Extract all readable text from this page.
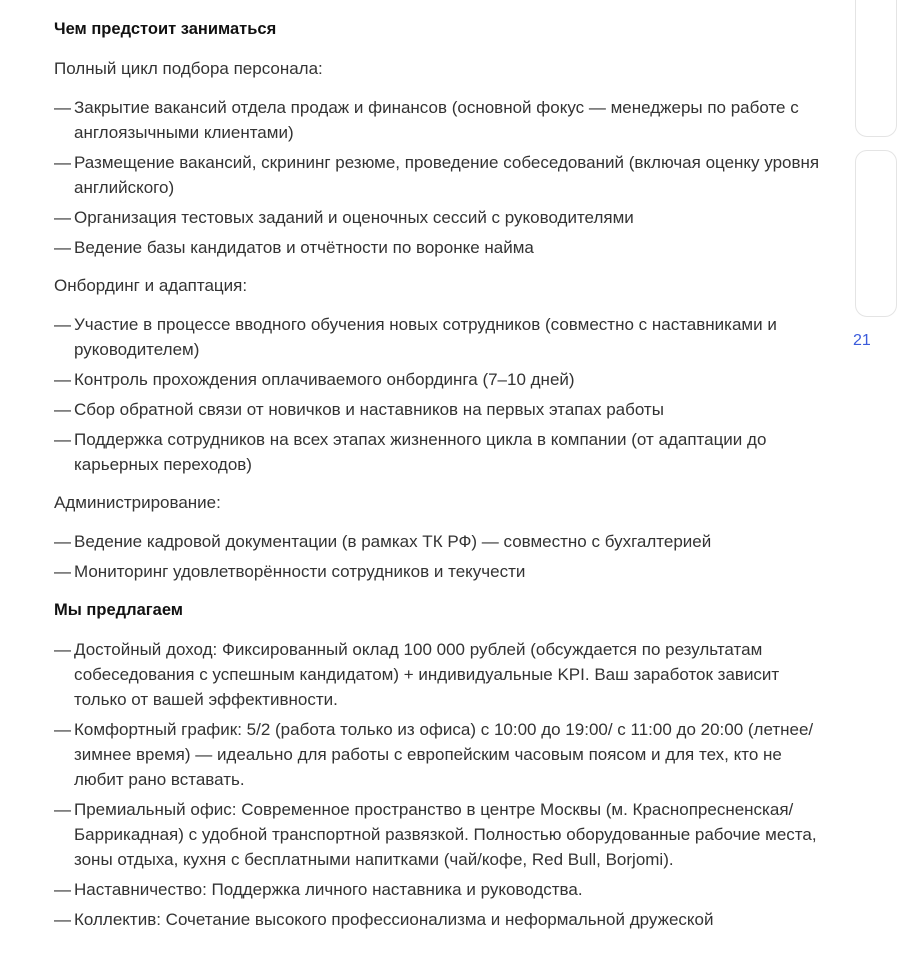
Чем предстоит заниматься

Полный цикл подбора персонала:

— Закрытие вакансий отдела продаж и финансов (основной фокус — менеджеры по работе с англоязычными клиентами)
— Размещение вакансий, скрининг резюме, проведение собеседований (включая оценку уровня английского)
— Организация тестовых заданий и оценочных сессий с руководителями
— Ведение базы кандидатов и отчётности по воронке найма

Онбординг и адаптация:

— Участие в процессе вводного обучения новых сотрудников (совместно с наставниками и руководителем)
— Контроль прохождения оплачиваемого онбординга (7–10 дней)
— Сбор обратной связи от новичков и наставников на первых этапах работы
— Поддержка сотрудников на всех этапах жизненного цикла в компании (от адаптации до карьерных переходов)

Администрирование:

— Ведение кадровой документации (в рамках ТК РФ) — совместно с бухгалтерией
— Мониторинг удовлетворённости сотрудников и текучести
Мы предлагаем
— Достойный доход: Фиксированный оклад 100 000 рублей (обсуждается по результатам собеседования с успешным кандидатом) + индивидуальные KPI. Ваш заработок зависит только от вашей эффективности.
— Комфортный график: 5/2 (работа только из офиса) с 10:00 до 19:00/ с 11:00 до 20:00 (летнее/зимнее время) — идеально для работы с европейским часовым поясом и для тех, кто не любит рано вставать.
— Премиальный офис: Современное пространство в центре Москвы (м. Краснопресненская/Баррикадная) с удобной транспортной развязкой. Полностью оборудованные рабочие места, зоны отдыха, кухня с бесплатными напитками (чай/кофе, Red Bull, Borjomi).
— Наставничество: Поддержка личного наставника и руководства.
— Коллектив: Сочетание высокого профессионализма и неформальной дружеской
21
